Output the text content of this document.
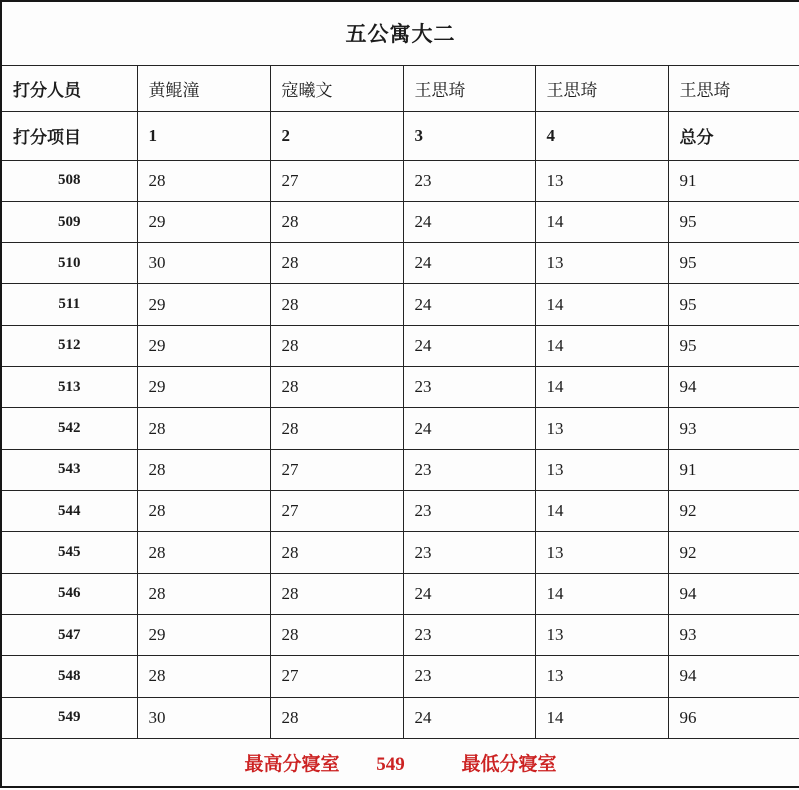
五公寓大二					
打分人员	黄鲲潼	寇曦文	王思琦	王思琦	王思琦
打分项目	1	2	3	4	总分
508	28	27	23	13	91
509	29	28	24	14	95
510	30	28	24	13	95
511	29	28	24	14	95
512	29	28	24	14	95
513	29	28	23	14	94
542	28	28	24	13	93
543	28	27	23	13	91
544	28	27	23	14	92
545	28	28	23	13	92
546	28	28	24	14	94
547	29	28	23	13	93
548	28	27	23	13	94
549	30	28	24	14	96
最高分寝室 549 最低分寝室					
